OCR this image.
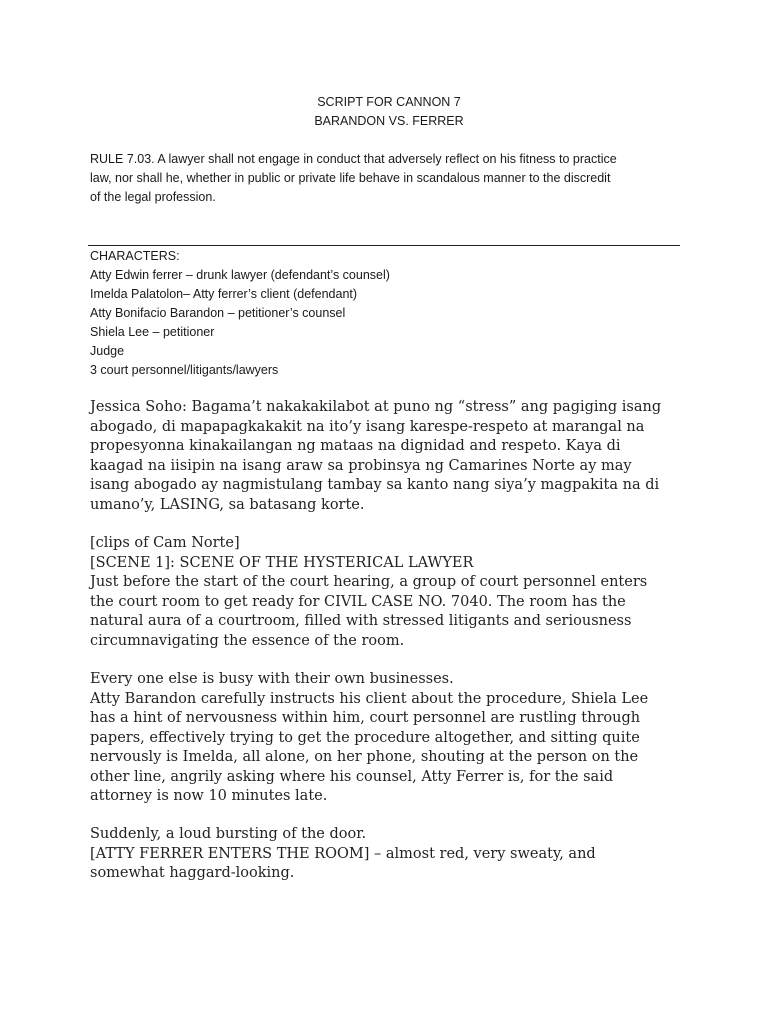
SCRIPT FOR CANNON 7
BARANDON VS. FERRER
RULE 7.03. A lawyer shall not engage in conduct that adversely reflect on his fitness to practice
law, nor shall he, whether in public or private life behave in scandalous manner to the discredit
of the legal profession.
CHARACTERS:
Atty Edwin ferrer – drunk lawyer (defendant’s counsel)
Imelda Palatolon– Atty ferrer’s client (defendant)
Atty Bonifacio Barandon – petitioner’s counsel
Shiela Lee – petitioner
Judge
3 court personnel/litigants/lawyers
Jessica Soho: Bagama’t nakakakilabot at puno ng “stress” ang pagiging isang
abogado, di mapapagkakakit na ito’y isang karespe-respeto at marangal na
propesyonna kinakailangan ng mataas na dignidad and respeto. Kaya di
kaagad na iisipin na isang araw sa probinsya ng Camarines Norte ay may
isang abogado ay nagmistulang tambay sa kanto nang siya’y magpakita na di
umano’y, LASING, sa batasang korte.
[clips of Cam Norte]
[SCENE 1]: SCENE OF THE HYSTERICAL LAWYER
Just before the start of the court hearing, a group of court personnel enters
the court room to get ready for CIVIL CASE NO. 7040. The room has the
natural aura of a courtroom, filled with stressed litigants and seriousness
circumnavigating the essence of the room.
Every one else is busy with their own businesses.
Atty Barandon carefully instructs his client about the procedure, Shiela Lee
has a hint of nervousness within him, court personnel are rustling through
papers, effectively trying to get the procedure altogether, and sitting quite
nervously is Imelda, all alone, on her phone, shouting at the person on the
other line, angrily asking where his counsel, Atty Ferrer is, for the said
attorney is now 10 minutes late.
Suddenly, a loud bursting of the door.
[ATTY FERRER ENTERS THE ROOM] – almost red, very sweaty, and
somewhat haggard-looking.
